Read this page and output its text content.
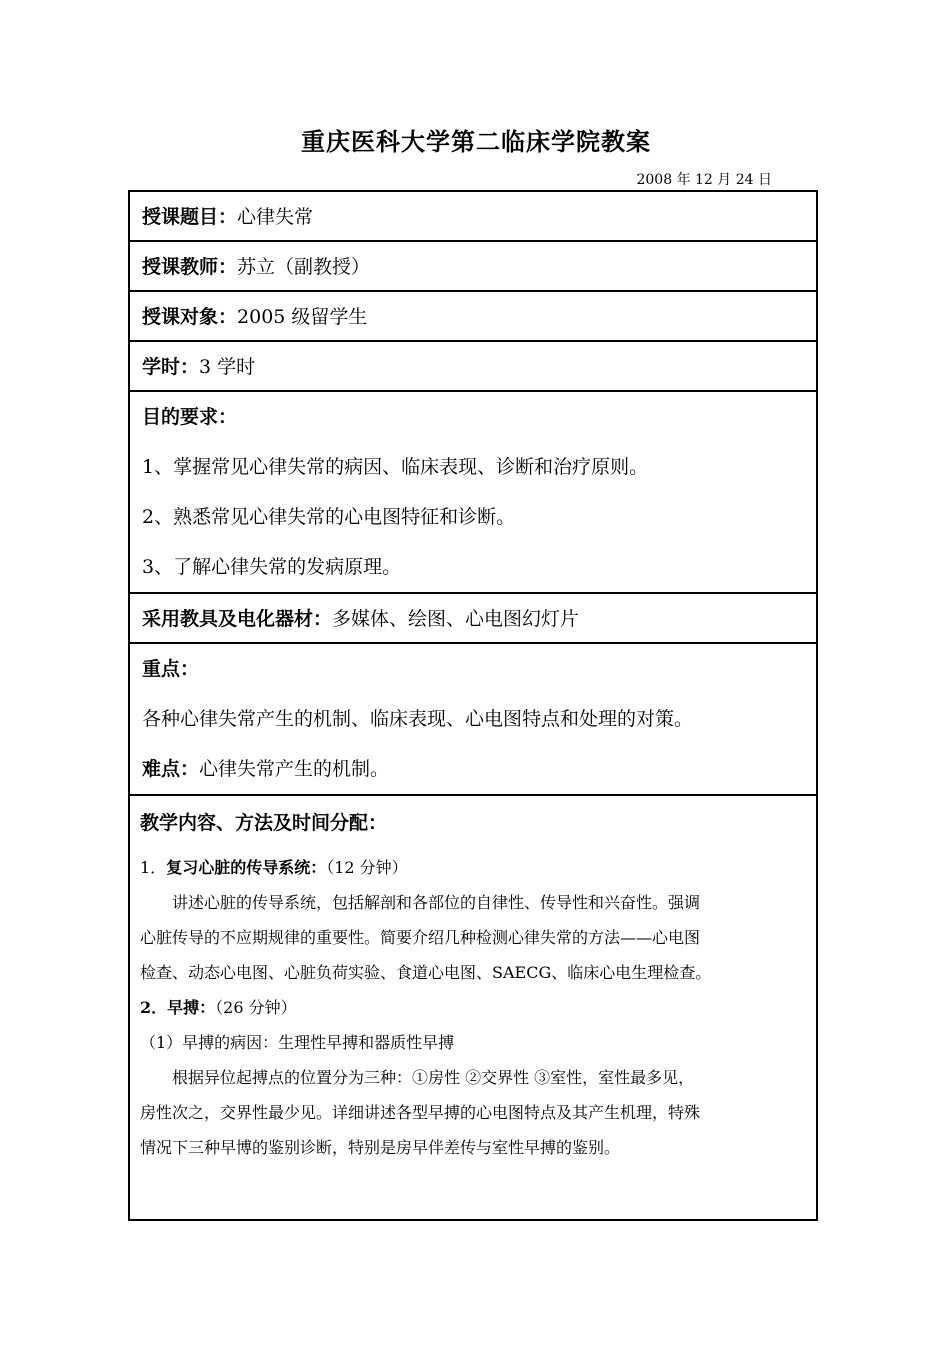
重庆医科大学第二临床学院教案
2008 年 12 月 24 日
授课题目：心律失常
授课教师：苏立（副教授）
授课对象：2005 级留学生
学时：3 学时
目的要求：
1、掌握常见心律失常的病因、临床表现、诊断和治疗原则。
2、熟悉常见心律失常的心电图特征和诊断。
3、了解心律失常的发病原理。
采用教具及电化器材：多媒体、绘图、心电图幻灯片
重点：
各种心律失常产生的机制、临床表现、心电图特点和处理的对策。
难点：心律失常产生的机制。
教学内容、方法及时间分配：
1．复习心脏的传导系统：（12 分钟）
讲述心脏的传导系统，包括解剖和各部位的自律性、传导性和兴奋性。强调
心脏传导的不应期规律的重要性。简要介绍几种检测心律失常的方法——心电图
检查、动态心电图、心脏负荷实验、食道心电图、SAECG、临床心电生理检查。
2．早搏：（26 分钟）
（1）早搏的病因：生理性早搏和器质性早搏
根据异位起搏点的位置分为三种：①房性 ②交界性 ③室性，室性最多见，
房性次之，交界性最少见。详细讲述各型早搏的心电图特点及其产生机理，特殊
情况下三种早博的鉴别诊断，特别是房早伴差传与室性早搏的鉴别。
